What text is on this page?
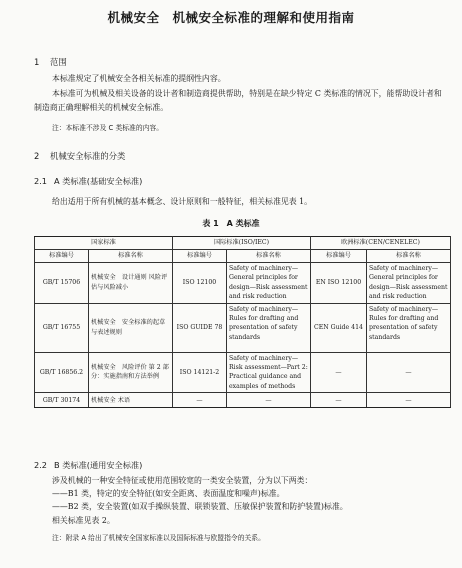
机械安全　机械安全标准的理解和使用指南
1 范围
本标准规定了机械安全各相关标准的提纲性内容。
本标准可为机械及相关设备的设计者和制造商提供帮助，特别是在缺少特定 C 类标准的情况下，能帮助设计者和制造商正确理解相关的机械安全标准。
注：本标准不涉及 C 类标准的内容。
2 机械安全标准的分类
2.1 A 类标准(基础安全标准)
给出适用于所有机械的基本概念、设计原则和一般特征，相关标准见表 1。
表 1　A 类标准
国家标准		国际标准(ISO/IEC)		欧洲标准(CEN/CENELEC)	
标准编号	标准名称	标准编号	标准名称	标准编号	标准名称
GB/T 15706	机械安全　设计通则 风险评估与风险减小	ISO 12100	Safety of machinery—General principles for design—Risk assessment and risk reduction	EN ISO 12100	Safety of machinery—General principles for design—Risk assessment and risk reduction
GB/T 16755	机械安全　安全标准的起草与表述规则	ISO GUIDE 78	Safety of machinery—Rules for drafting and presentation of safety standards	CEN Guide 414	Safety of machinery—Rules for drafting and presentation of safety standards
GB/T 16856.2	机械安全　风险评价 第 2 部分：实施指南和方法举例	ISO 14121-2	Safety of machinery—Risk assessment—Part 2: Practical guidance and examples of methods	—	—
GB/T 30174	机械安全 术语	—	—	—	—
2.2 B 类标准(通用安全标准)
涉及机械的一种安全特征或使用范围较宽的一类安全装置，分为以下两类：
——B1 类，特定的安全特征(如安全距离、表面温度和噪声)标准。
——B2 类，安全装置(如双手操纵装置、联锁装置、压敏保护装置和防护装置)标准。
相关标准见表 2。
注：附录 A 给出了机械安全国家标准以及国际标准与欧盟指令的关系。
